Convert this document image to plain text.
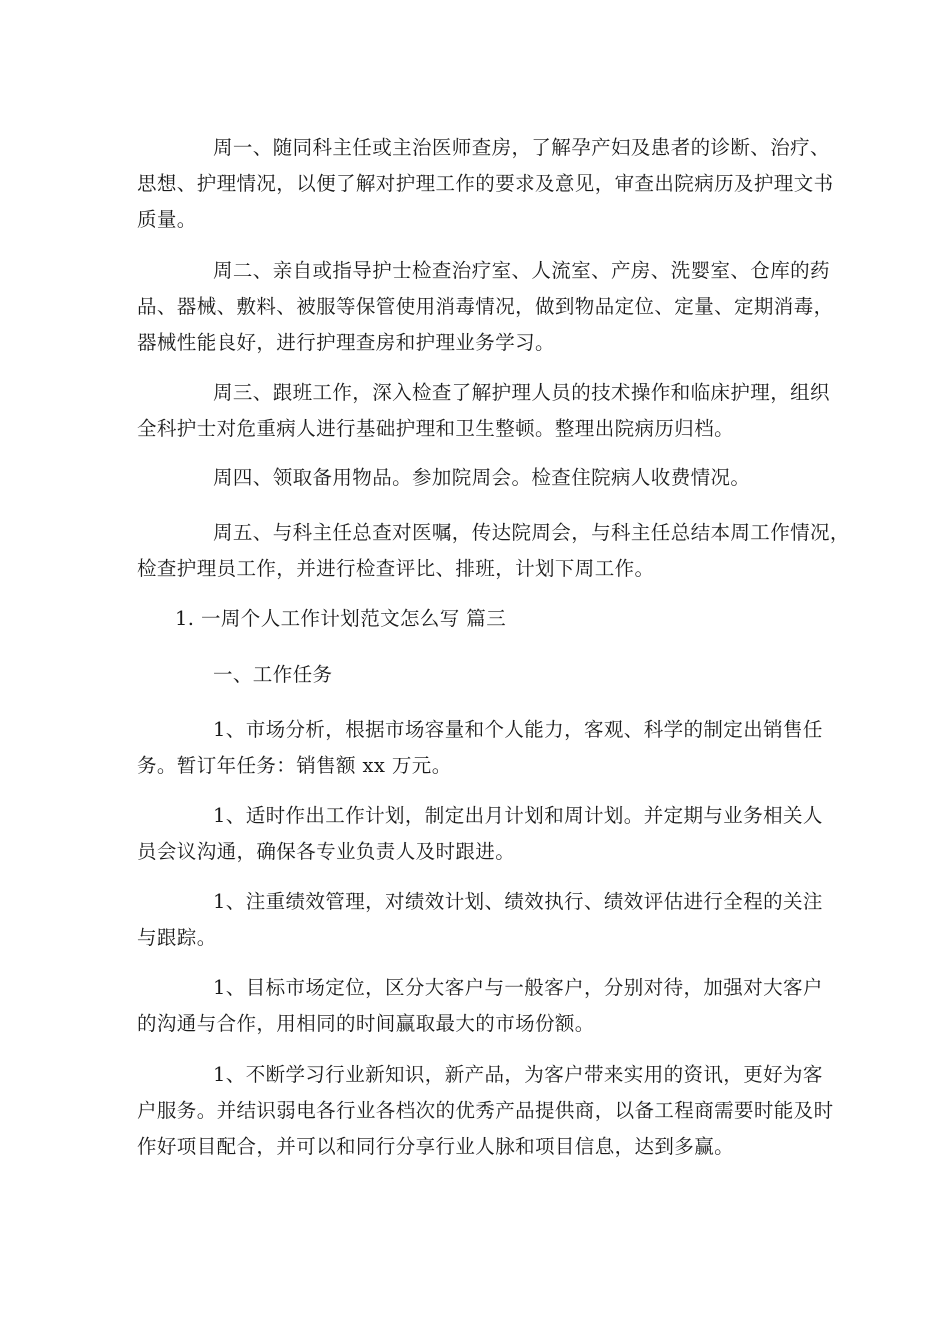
周一、随同科主任或主治医师查房，了解孕产妇及患者的诊断、治疗、
思想、护理情况，以便了解对护理工作的要求及意见，审查出院病历及护理文书
质量。

周二、亲自或指导护士检查治疗室、人流室、产房、洗婴室、仓库的药
品、器械、敷料、被服等保管使用消毒情况，做到物品定位、定量、定期消毒，
器械性能良好，进行护理查房和护理业务学习。

周三、跟班工作，深入检查了解护理人员的技术操作和临床护理，组织
全科护士对危重病人进行基础护理和卫生整顿。整理出院病历归档。

周四、领取备用物品。参加院周会。检查住院病人收费情况。

周五、与科主任总查对医嘱，传达院周会，与科主任总结本周工作情况，
检查护理员工作，并进行检查评比、排班，计划下周工作。

1. 一周个人工作计划范文怎么写 篇三

一、工作任务

1、市场分析，根据市场容量和个人能力，客观、科学的制定出销售任
务。暂订年任务：销售额 xx 万元。

1、适时作出工作计划，制定出月计划和周计划。并定期与业务相关人
员会议沟通，确保各专业负责人及时跟进。

1、注重绩效管理，对绩效计划、绩效执行、绩效评估进行全程的关注
与跟踪。

1、目标市场定位，区分大客户与一般客户，分别对待，加强对大客户
的沟通与合作，用相同的时间赢取最大的市场份额。

1、不断学习行业新知识，新产品，为客户带来实用的资讯，更好为客
户服务。并结识弱电各行业各档次的优秀产品提供商，以备工程商需要时能及时
作好项目配合，并可以和同行分享行业人脉和项目信息，达到多赢。
